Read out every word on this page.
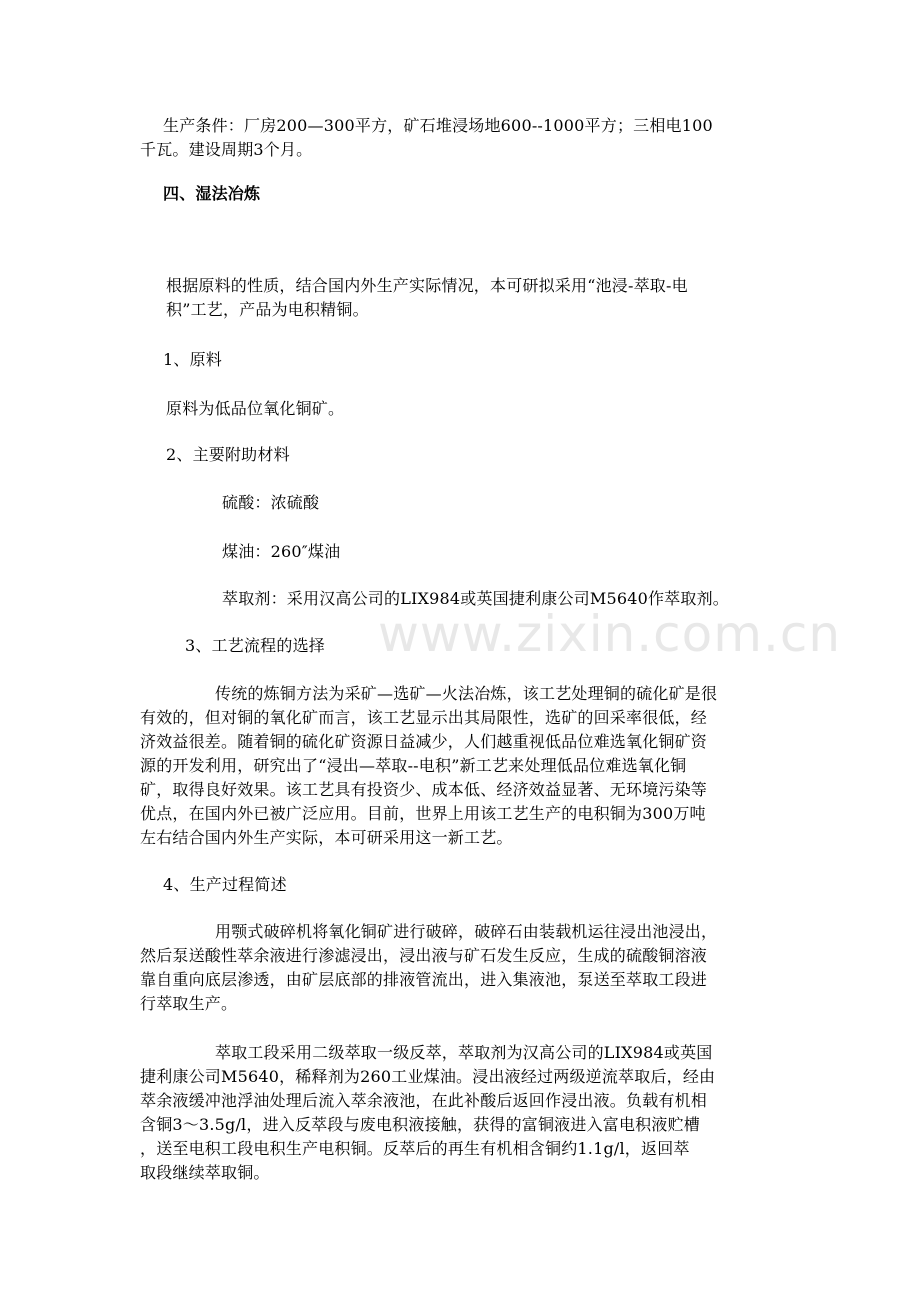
www.zixin.com.cn
生产条件：厂房200—300平方，矿石堆浸场地600--1000平方；三相电100
千瓦。建设周期3个月。
四、湿法冶炼
根据原料的性质，结合国内外生产实际情况，本可研拟采用“池浸-萃取-电
积”工艺，产品为电积精铜。
1、原料
原料为低品位氧化铜矿。
2、主要附助材料
硫酸：浓硫酸
煤油：260″煤油
萃取剂：采用汉高公司的LIX984或英国捷利康公司M5640作萃取剂。
3、工艺流程的选择
传统的炼铜方法为采矿—选矿—火法冶炼，该工艺处理铜的硫化矿是很
有效的，但对铜的氧化矿而言，该工艺显示出其局限性，选矿的回采率很低，经
济效益很差。随着铜的硫化矿资源日益减少，人们越重视低品位难选氧化铜矿资
源的开发利用，研究出了“浸出—萃取--电积”新工艺来处理低品位难选氧化铜
矿，取得良好效果。该工艺具有投资少、成本低、经济效益显著、无环境污染等
优点，在国内外已被广泛应用。目前，世界上用该工艺生产的电积铜为300万吨
左右结合国内外生产实际，本可研采用这一新工艺。
4、生产过程简述
用颚式破碎机将氧化铜矿进行破碎，破碎石由装载机运往浸出池浸出，
然后泵送酸性萃余液进行渗滤浸出，浸出液与矿石发生反应，生成的硫酸铜溶液
靠自重向底层渗透，由矿层底部的排液管流出，进入集液池，泵送至萃取工段进
行萃取生产。
萃取工段采用二级萃取一级反萃，萃取剂为汉高公司的LIX984或英国
捷利康公司M5640，稀释剂为260工业煤油。浸出液经过两级逆流萃取后，经由
萃余液缓冲池浮油处理后流入萃余液池，在此补酸后返回作浸出液。负载有机相
含铜3～3.5g/l，进入反萃段与废电积液接触，获得的富铜液进入富电积液贮槽
，送至电积工段电积生产电积铜。反萃后的再生有机相含铜约1.1g/l，返回萃
取段继续萃取铜。
